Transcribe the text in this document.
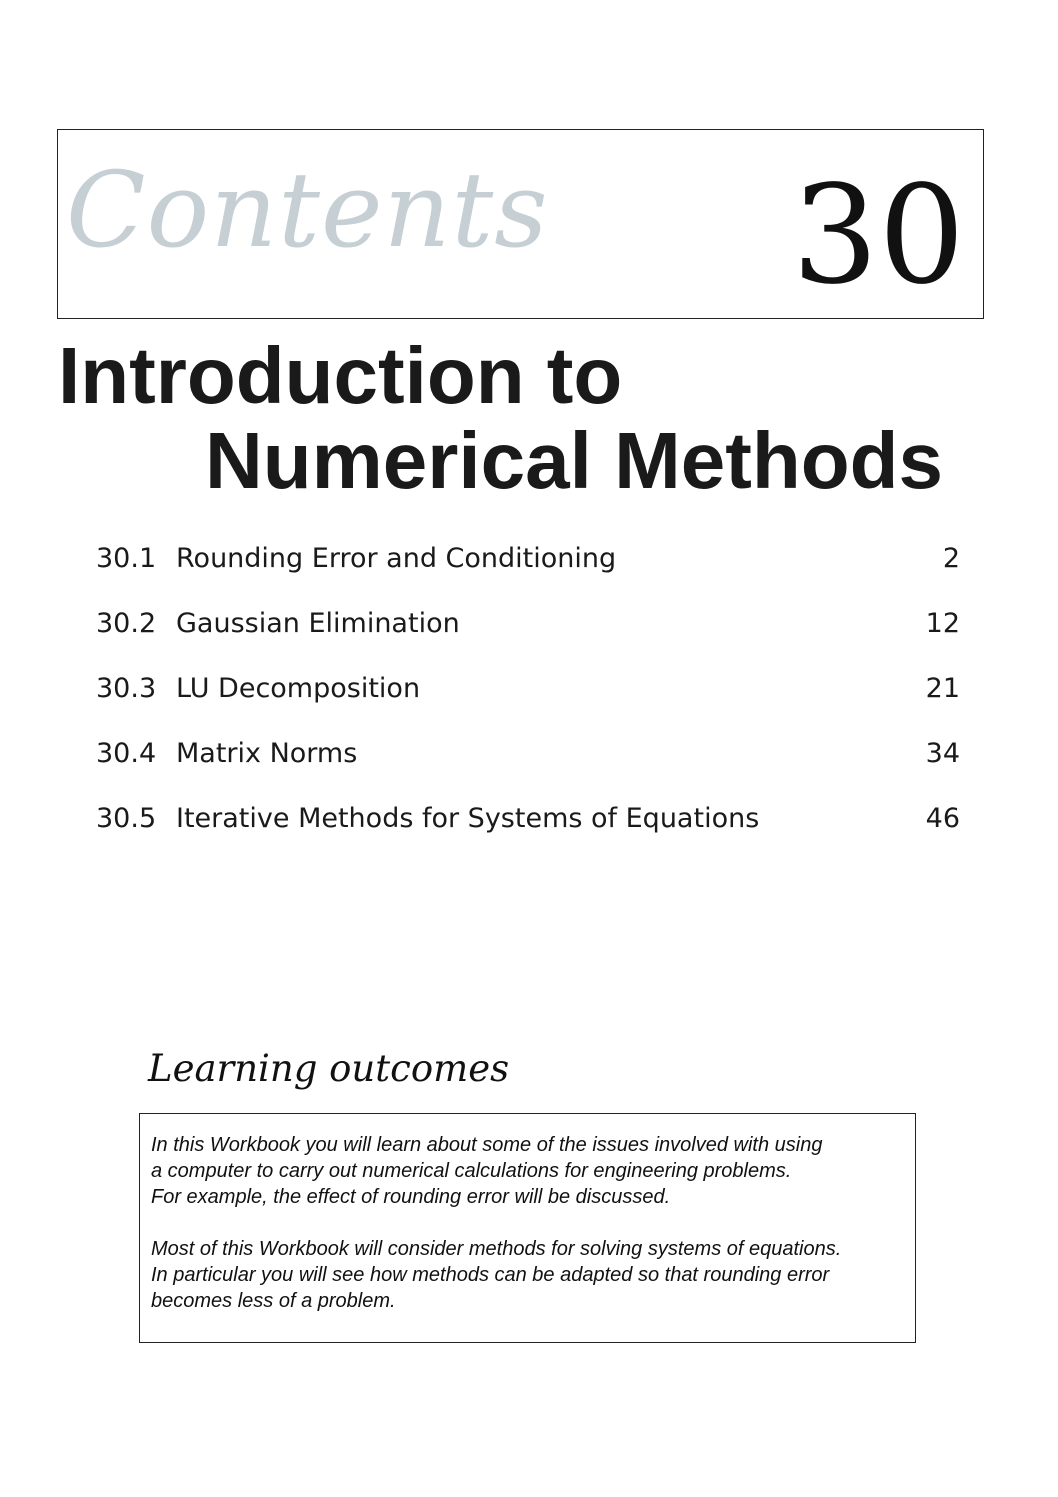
Contents 30
Introduction to
Numerical Methods
30.1 Rounding Error and Conditioning	2
30.2 Gaussian Elimination	12
30.3 LU Decomposition	21
30.4 Matrix Norms	34
30.5 Iterative Methods for Systems of Equations	46
Learning outcomes

In this Workbook you will learn about some of the issues involved with using
a computer to carry out numerical calculations for engineering problems.
For example, the effect of rounding error will be discussed.

Most of this Workbook will consider methods for solving systems of equations.
In particular you will see how methods can be adapted so that rounding error
becomes less of a problem.
